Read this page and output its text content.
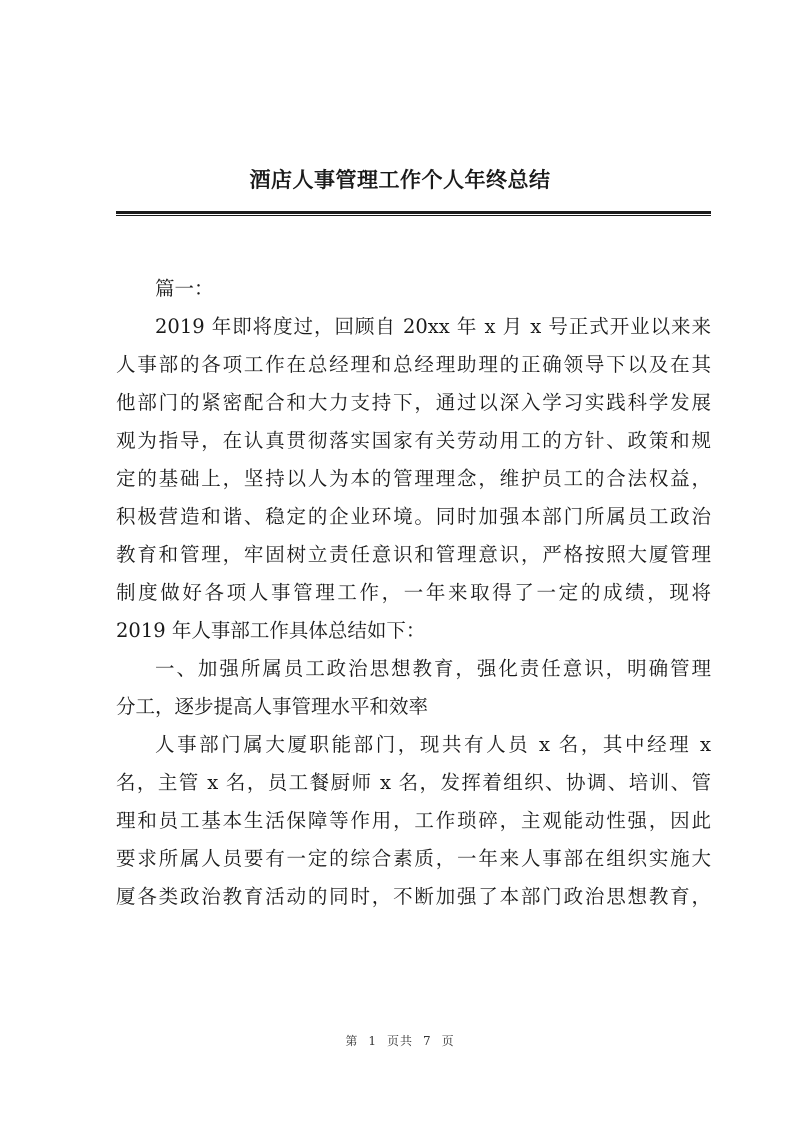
酒店人事管理工作个人年终总结
篇一：
2019 年即将度过，回顾自 20xx 年 x 月 x 号正式开业以来来
人事部的各项工作在总经理和总经理助理的正确领导下以及在其
他部门的紧密配合和大力支持下，通过以深入学习实践科学发展
观为指导，在认真贯彻落实国家有关劳动用工的方针、政策和规
定的基础上，坚持以人为本的管理理念，维护员工的合法权益，
积极营造和谐、稳定的企业环境。同时加强本部门所属员工政治
教育和管理，牢固树立责任意识和管理意识，严格按照大厦管理
制度做好各项人事管理工作，一年来取得了一定的成绩，现将
2019 年人事部工作具体总结如下：
一、加强所属员工政治思想教育，强化责任意识，明确管理
分工，逐步提高人事管理水平和效率
人事部门属大厦职能部门，现共有人员 x 名，其中经理 x
名，主管 x 名，员工餐厨师 x 名，发挥着组织、协调、培训、管
理和员工基本生活保障等作用，工作琐碎，主观能动性强，因此
要求所属人员要有一定的综合素质，一年来人事部在组织实施大
厦各类政治教育活动的同时，不断加强了本部门政治思想教育，
第 1 页共 7 页
